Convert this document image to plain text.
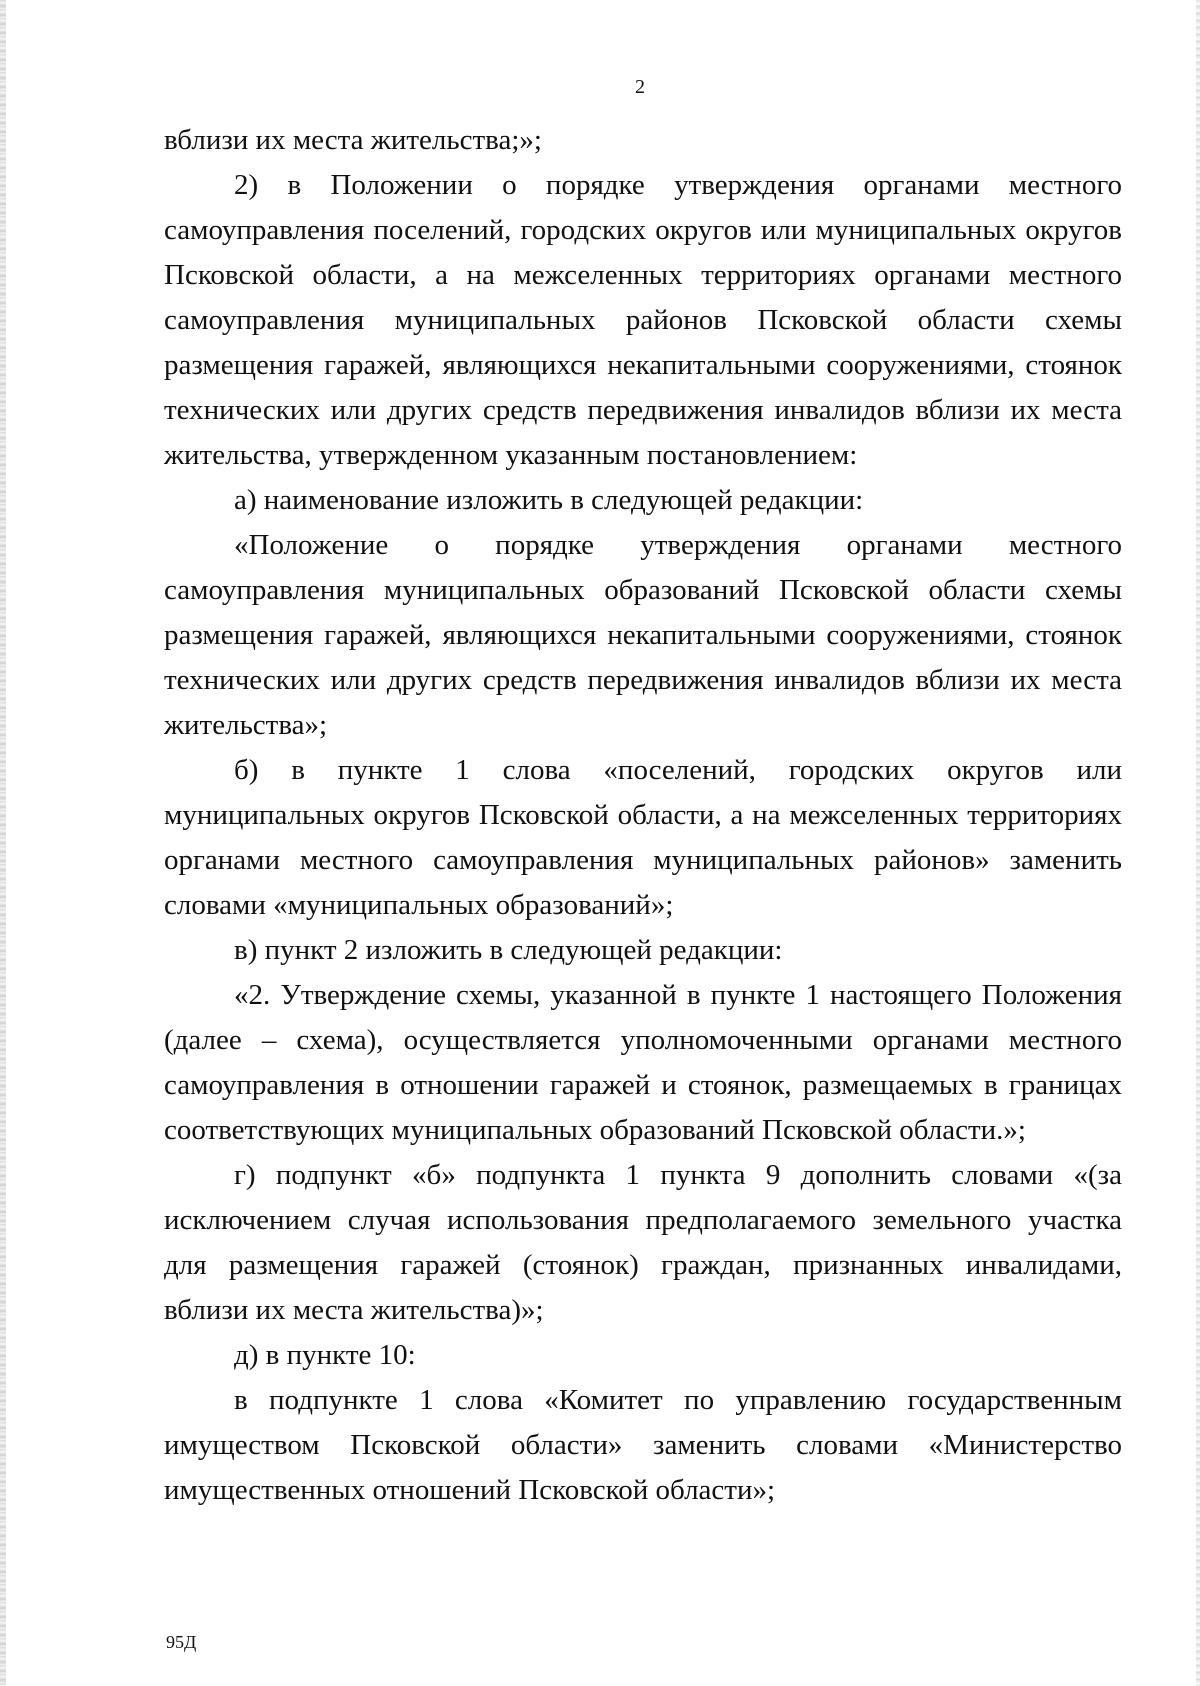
2

вблизи их места жительства;»;

2) в Положении о порядке утверждения органами местного самоуправления поселений, городских округов или муниципальных округов Псковской области, а на межселенных территориях органами местного самоуправления муниципальных районов Псковской области схемы размещения гаражей, являющихся некапитальными сооружениями, стоянок технических или других средств передвижения инвалидов вблизи их места жительства, утвержденном указанным постановлением:

а) наименование изложить в следующей редакции:

«Положение о порядке утверждения органами местного самоуправления муниципальных образований Псковской области схемы размещения гаражей, являющихся некапитальными сооружениями, стоянок технических или других средств передвижения инвалидов вблизи их места жительства»;

б) в пункте 1 слова «поселений, городских округов или муниципальных округов Псковской области, а на межселенных территориях органами местного самоуправления муниципальных районов» заменить словами «муниципальных образований»;

в) пункт 2 изложить в следующей редакции:

«2. Утверждение схемы, указанной в пункте 1 настоящего Положения (далее – схема), осуществляется уполномоченными органами местного самоуправления в отношении гаражей и стоянок, размещаемых в границах соответствующих муниципальных образований Псковской области.»;

г) подпункт «б» подпункта 1 пункта 9 дополнить словами «(за исключением случая использования предполагаемого земельного участка для размещения гаражей (стоянок) граждан, признанных инвалидами, вблизи их места жительства)»;

д) в пункте 10:

в подпункте 1 слова «Комитет по управлению государственным имуществом Псковской области» заменить словами «Министерство имущественных отношений Псковской области»;

95Д
